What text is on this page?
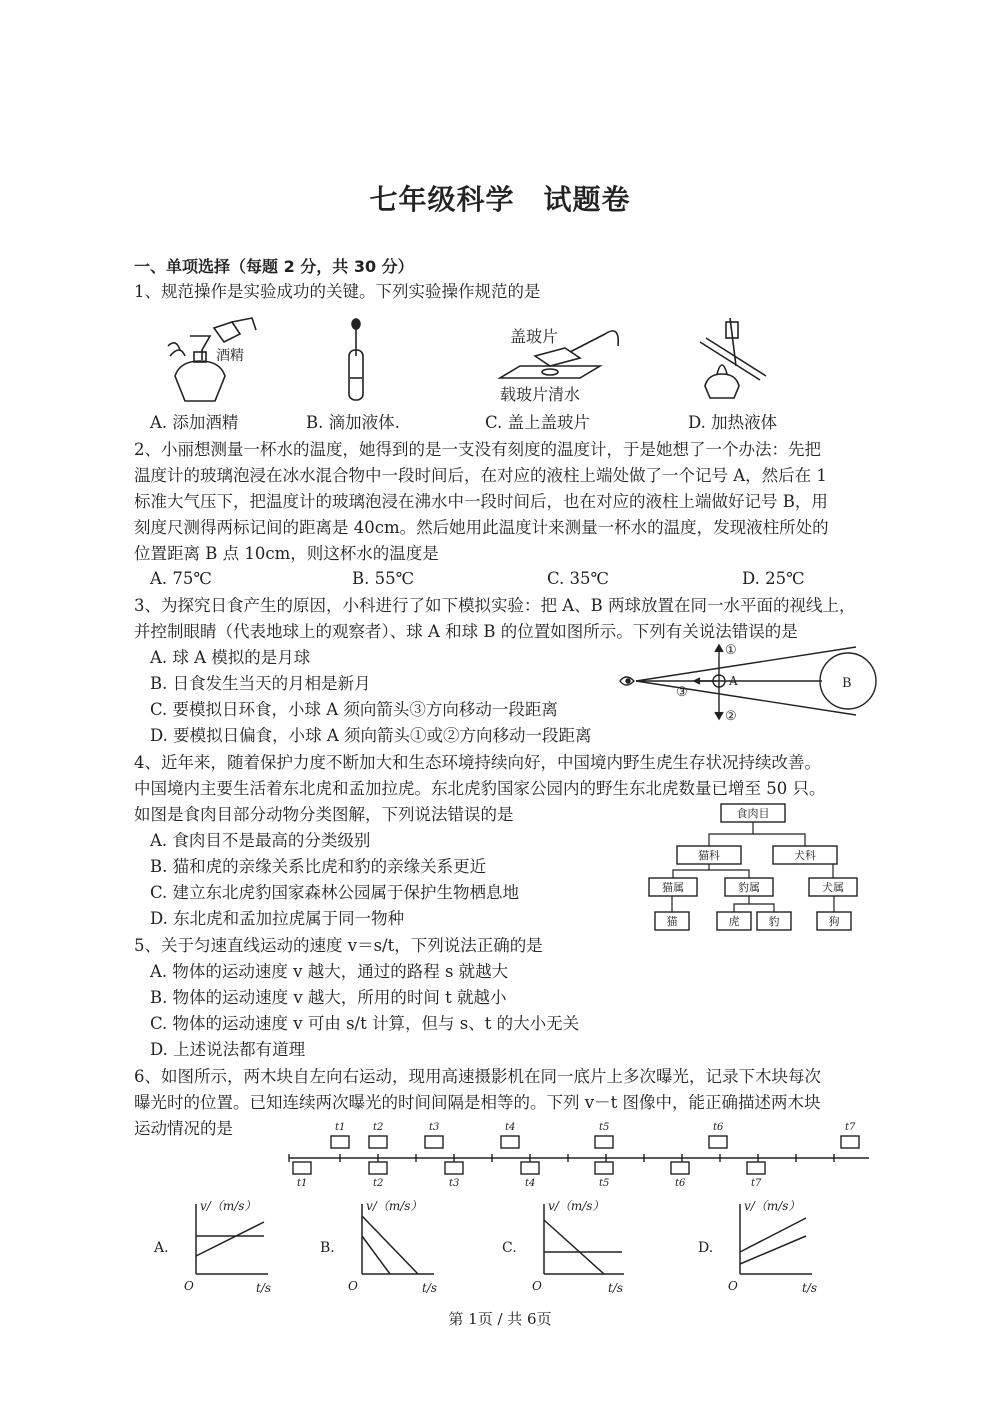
七年级科学　试题卷
一、单项选择（每题 2 分，共 30 分）
1、规范操作是实验成功的关键。下列实验操作规范的是
酒精
盖玻片
载玻片清水
A. 添加酒精	B. 滴加液体.	C. 盖上盖玻片	D. 加热液体
2、小丽想测量一杯水的温度，她得到的是一支没有刻度的温度计，于是她想了一个办法：先把
温度计的玻璃泡浸在冰水混合物中一段时间后，在对应的液柱上端处做了一个记号 A，然后在 1
标准大气压下，把温度计的玻璃泡浸在沸水中一段时间后，也在对应的液柱上端做好记号 B，用
刻度尺测得两标记间的距离是 40cm。然后她用此温度计来测量一杯水的温度，发现液柱所处的
位置距离 B 点 10cm，则这杯水的温度是
A. 75℃	B. 55℃	C. 35℃	D. 25℃
3、为探究日食产生的原因，小科进行了如下模拟实验：把 A、B 两球放置在同一水平面的视线上，
并控制眼睛（代表地球上的观察者）、球 A 和球 B 的位置如图所示。下列有关说法错误的是
A. 球 A 模拟的是月球
B. 日食发生当天的月相是新月
C. 要模拟日环食，小球 A 须向箭头③方向移动一段距离
D. 要模拟日偏食，小球 A 须向箭头①或②方向移动一段距离
A	B
①
②
③
4、近年来，随着保护力度不断加大和生态环境持续向好，中国境内野生虎生存状况持续改善。
中国境内主要生活着东北虎和孟加拉虎。东北虎豹国家公园内的野生东北虎数量已增至 50 只。
如图是食肉目部分动物分类图解，下列说法错误的是
A. 食肉目不是最高的分类级别
B. 猫和虎的亲缘关系比虎和豹的亲缘关系更近
C. 建立东北虎豹国家森林公园属于保护生物栖息地
D. 东北虎和孟加拉虎属于同一物种
食肉目
猫科	犬科
猫属	豹属	犬属
猫	虎	豹	狗
5、关于匀速直线运动的速度 v＝s/t，下列说法正确的是
A. 物体的运动速度 v 越大，通过的路程 s 就越大
B. 物体的运动速度 v 越大，所用的时间 t 就越小
C. 物体的运动速度 v 可由 s/t 计算，但与 s、t 的大小无关
D. 上述说法都有道理
6、如图所示，两木块自左向右运动，现用高速摄影机在同一底片上多次曝光，记录下木块每次
曝光时的位置。已知连续两次曝光的时间间隔是相等的。下列 v－t 图像中，能正确描述两木块
运动情况的是	t1	t2	t3	t4	t5	t6	t7
t1	t2	t3	t4	t5	t6	t7
A.	B.	C.	D.
v/（m/s）	v/（m/s）	v/（m/s）	v/（m/s）
t/s	t/s	t/s	t/s
O	O	O	O
第 1页 / 共 6页
